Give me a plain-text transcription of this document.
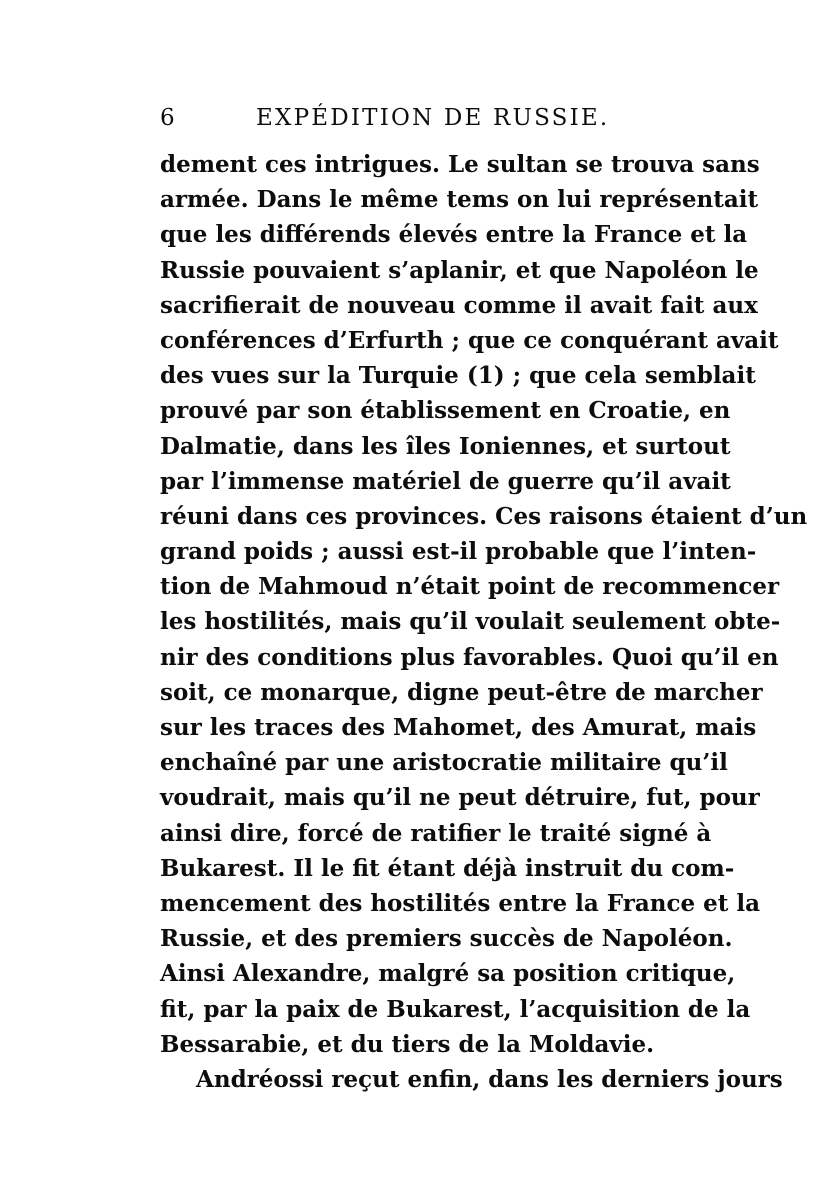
6	EXPÉDITION DE RUSSIE.
dement ces intrigues. Le sultan se trouva sans
armée. Dans le même tems on lui représentait
que les différends élevés entre la France et la
Russie pouvaient s’aplanir, et que Napoléon le
sacrifierait de nouveau comme il avait fait aux
conférences d’Erfurth ; que ce conquérant avait
des vues sur la Turquie (1) ; que cela semblait
prouvé par son établissement en Croatie, en
Dalmatie, dans les îles Ioniennes, et surtout
par l’immense matériel de guerre qu’il avait
réuni dans ces provinces. Ces raisons étaient d’un
grand poids ; aussi est-il probable que l’inten-
tion de Mahmoud n’était point de recommencer
les hostilités, mais qu’il voulait seulement obte-
nir des conditions plus favorables. Quoi qu’il en
soit, ce monarque, digne peut-être de marcher
sur les traces des Mahomet, des Amurat, mais
enchaîné par une aristocratie militaire qu’il
voudrait, mais qu’il ne peut détruire, fut, pour
ainsi dire, forcé de ratifier le traité signé à
Bukarest. Il le fit étant déjà instruit du com-
mencement des hostilités entre la France et la
Russie, et des premiers succès de Napoléon.
Ainsi Alexandre, malgré sa position critique,
fit, par la paix de Bukarest, l’acquisition de la
Bessarabie, et du tiers de la Moldavie.
Andréossi reçut enfin, dans les derniers jours
